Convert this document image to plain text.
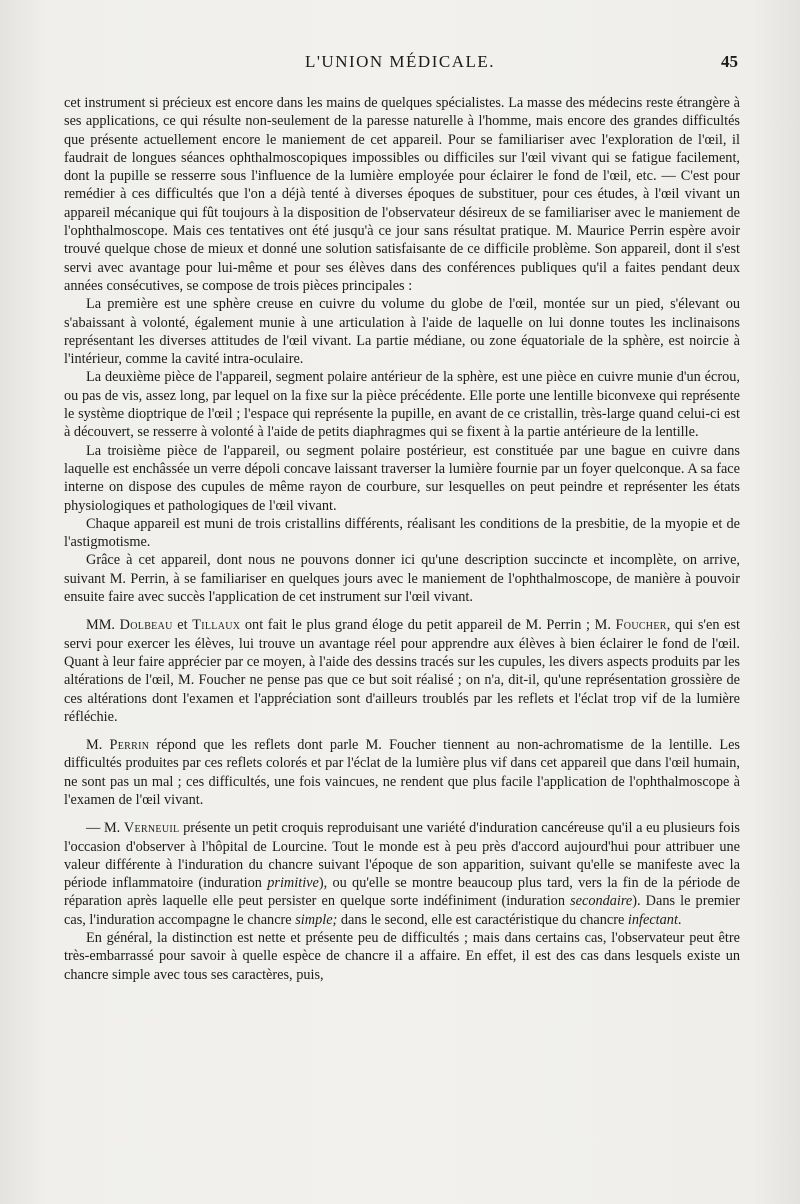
L'UNION MÉDICALE.	45

cet instrument si précieux est encore dans les mains de quelques spécialistes. La masse des médecins reste étrangère à ses applications, ce qui résulte non-seulement de la paresse naturelle à l'homme, mais encore des grandes difficultés que présente actuellement encore le maniement de cet appareil. Pour se familiariser avec l'exploration de l'œil, il faudrait de longues séances ophthalmoscopiques impossibles ou difficiles sur l'œil vivant qui se fatigue facilement, dont la pupille se resserre sous l'influence de la lumière employée pour éclairer le fond de l'œil, etc. — C'est pour remédier à ces difficultés que l'on a déjà tenté à diverses époques de substituer, pour ces études, à l'œil vivant un appareil mécanique qui fût toujours à la disposition de l'observateur désireux de se familiariser avec le maniement de l'ophthalmoscope. Mais ces tentatives ont été jusqu'à ce jour sans résultat pratique. M. Maurice Perrin espère avoir trouvé quelque chose de mieux et donné une solution satisfaisante de ce difficile problème. Son appareil, dont il s'est servi avec avantage pour lui-même et pour ses élèves dans des conférences publiques qu'il a faites pendant deux années consécutives, se compose de trois pièces principales :

La première est une sphère creuse en cuivre du volume du globe de l'œil, montée sur un pied, s'élevant ou s'abaissant à volonté, également munie à une articulation à l'aide de laquelle on lui donne toutes les inclinaisons représentant les diverses attitudes de l'œil vivant. La partie médiane, ou zone équatoriale de la sphère, est noircie à l'intérieur, comme la cavité intra-oculaire.

La deuxième pièce de l'appareil, segment polaire antérieur de la sphère, est une pièce en cuivre munie d'un écrou, ou pas de vis, assez long, par lequel on la fixe sur la pièce précédente. Elle porte une lentille biconvexe qui représente le système dioptrique de l'œil ; l'espace qui représente la pupille, en avant de ce cristallin, très-large quand celui-ci est à découvert, se resserre à volonté à l'aide de petits diaphragmes qui se fixent à la partie antérieure de la lentille.

La troisième pièce de l'appareil, ou segment polaire postérieur, est constituée par une bague en cuivre dans laquelle est enchâssée un verre dépoli concave laissant traverser la lumière fournie par un foyer quelconque. A sa face interne on dispose des cupules de même rayon de courbure, sur lesquelles on peut peindre et représenter les états physiologiques et pathologiques de l'œil vivant.

Chaque appareil est muni de trois cristallins différents, réalisant les conditions de la presbitie, de la myopie et de l'astigmotisme.

Grâce à cet appareil, dont nous ne pouvons donner ici qu'une description succincte et incomplète, on arrive, suivant M. Perrin, à se familiariser en quelques jours avec le maniement de l'ophthalmoscope, de manière à pouvoir ensuite faire avec succès l'application de cet instrument sur l'œil vivant.

MM. Dolbeau et Tillaux ont fait le plus grand éloge du petit appareil de M. Perrin ; M. Foucher, qui s'en est servi pour exercer les élèves, lui trouve un avantage réel pour apprendre aux élèves à bien éclairer le fond de l'œil. Quant à leur faire apprécier par ce moyen, à l'aide des dessins tracés sur les cupules, les divers aspects produits par les altérations de l'œil, M. Foucher ne pense pas que ce but soit réalisé ; on n'a, dit-il, qu'une représentation grossière de ces altérations dont l'examen et l'appréciation sont d'ailleurs troublés par les reflets et l'éclat trop vif de la lumière réfléchie.

M. Perrin répond que les reflets dont parle M. Foucher tiennent au non-achromatisme de la lentille. Les difficultés produites par ces reflets colorés et par l'éclat de la lumière plus vif dans cet appareil que dans l'œil humain, ne sont pas un mal ; ces difficultés, une fois vaincues, ne rendent que plus facile l'application de l'ophthalmoscope à l'examen de l'œil vivant.

— M. Verneuil présente un petit croquis reproduisant une variété d'induration cancéreuse qu'il a eu plusieurs fois l'occasion d'observer à l'hôpital de Lourcine. Tout le monde est à peu près d'accord aujourd'hui pour attribuer une valeur différente à l'induration du chancre suivant l'époque de son apparition, suivant qu'elle se manifeste avec la période inflammatoire (induration primitive), ou qu'elle se montre beaucoup plus tard, vers la fin de la période de réparation après laquelle elle peut persister en quelque sorte indéfiniment (induration secondaire). Dans le premier cas, l'induration accompagne le chancre simple; dans le second, elle est caractéristique du chancre infectant.

En général, la distinction est nette et présente peu de difficultés ; mais dans certains cas, l'observateur peut être très-embarrassé pour savoir à quelle espèce de chancre il a affaire. En effet, il est des cas dans lesquels existe un chancre simple avec tous ses caractères, puis,
